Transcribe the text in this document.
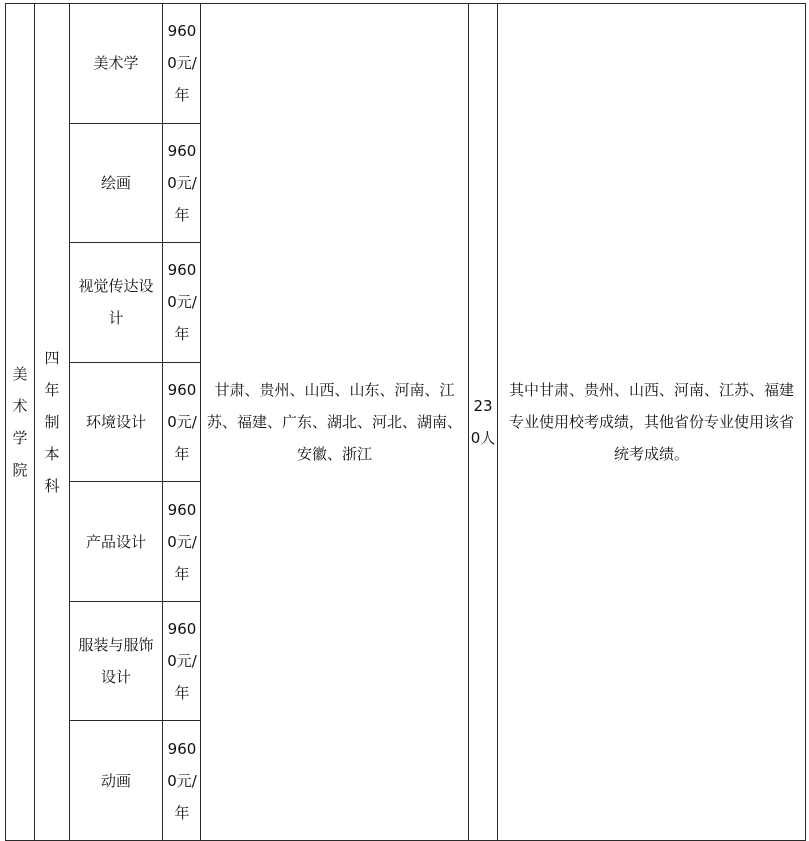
美术学院	四年制本科	美术学	9600元/年	甘肃、贵州、山西、山东、河南、江苏、福建、广东、湖北、河北、湖南、安徽、浙江	230人	其中甘肃、贵州、山西、河南、江苏、福建专业使用校考成绩，其他省份专业使用该省统考成绩。
		绘画	9600元/年			
		视觉传达设计	9600元/年			
		环境设计	9600元/年			
		产品设计	9600元/年			
		服装与服饰设计	9600元/年			
		动画	9600元/年			
